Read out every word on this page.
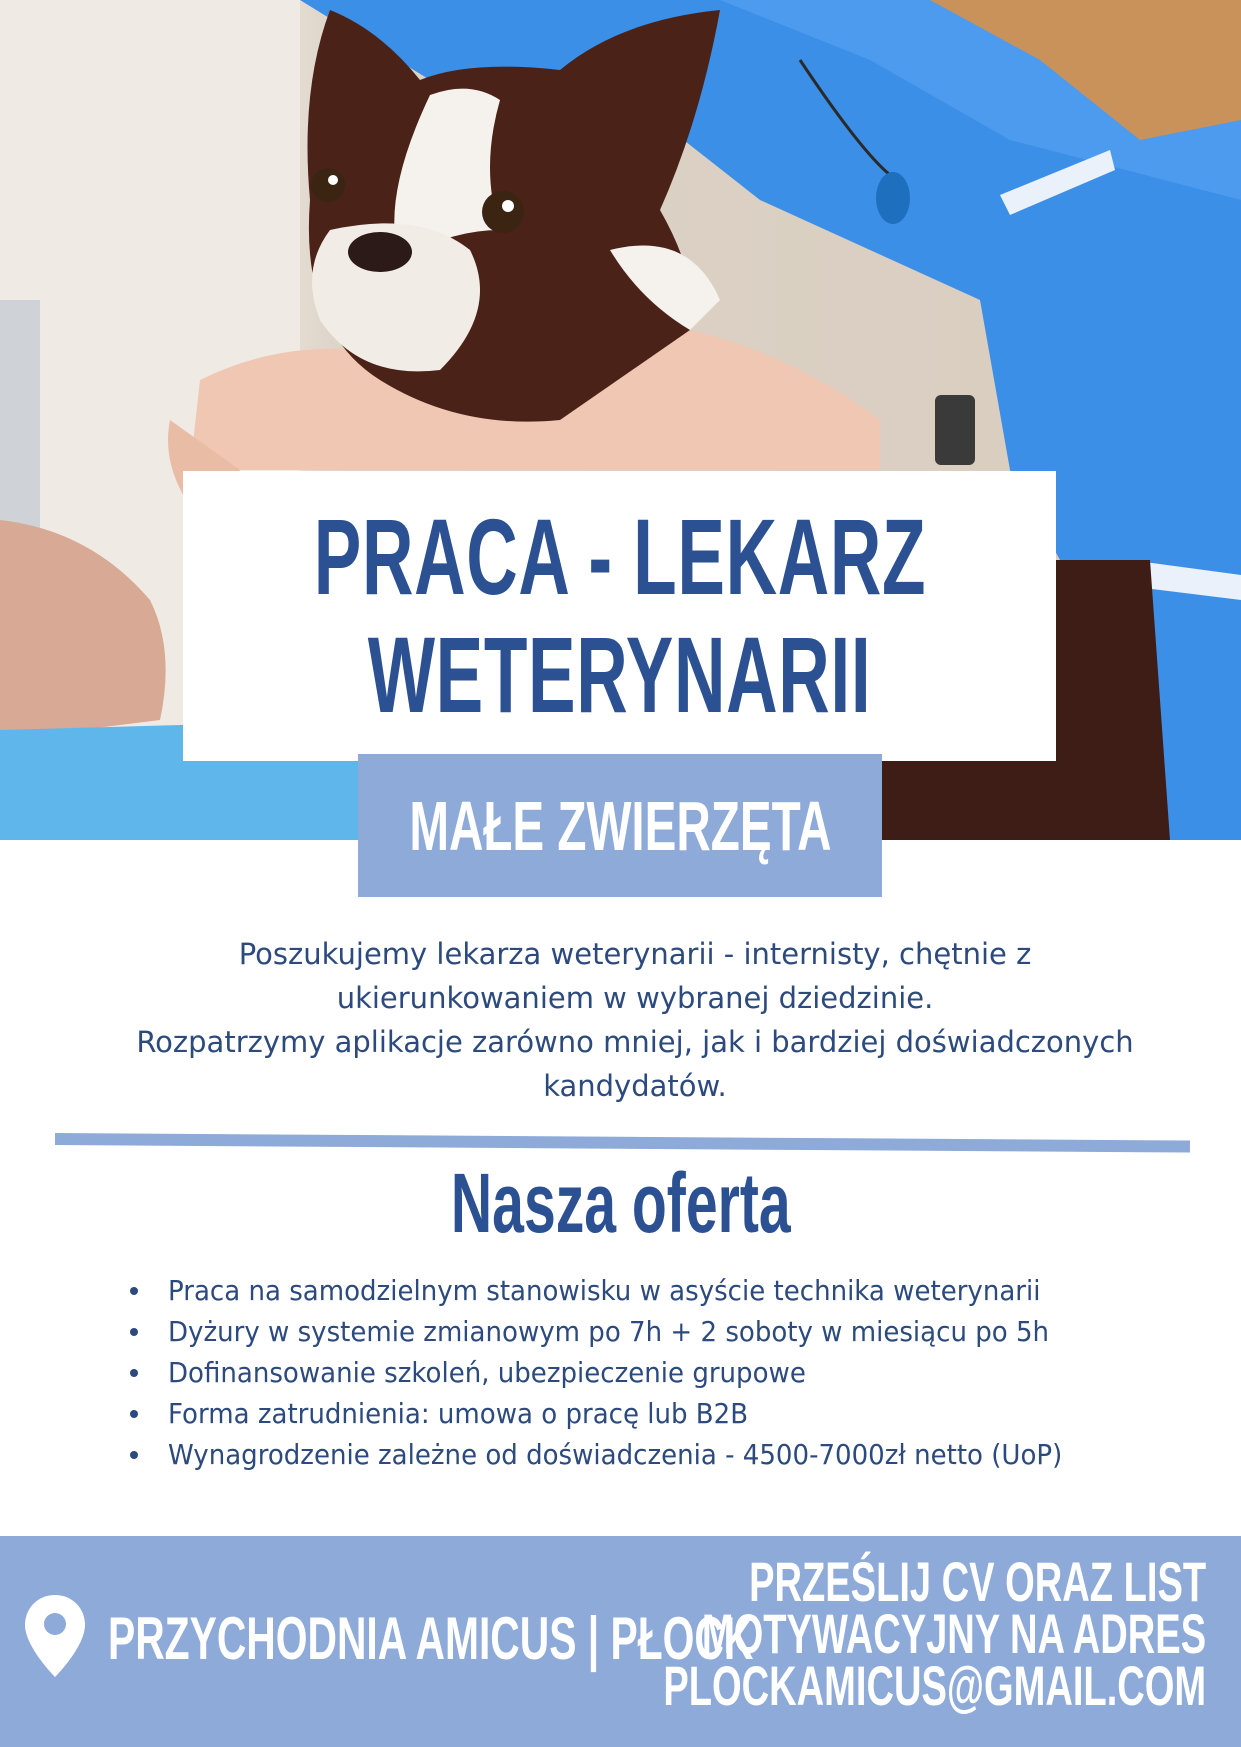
PRACA - LEKARZ
WETERYNARII
MAŁE ZWIERZĘTA

Poszukujemy lekarza weterynarii - internisty, chętnie z

ukierunkowaniem w wybranej dziedzinie.

Rozpatrzymy aplikacje zarówno mniej, jak i bardziej doświadczonych

kandydatów.

Nasza oferta
Praca na samodzielnym stanowisku w asyście technika weterynarii
Dyżury w systemie zmianowym po 7h + 2 soboty w miesiącu po 5h
Dofinansowanie szkoleń, ubezpieczenie grupowe
Forma zatrudnienia: umowa o pracę lub B2B
Wynagrodzenie zależne od doświadczenia - 4500-7000zł netto (UoP)
PRZYCHODNIA AMICUS | PŁOCK
PRZEŚLIJ CV ORAZ LIST
MOTYWACYJNY NA ADRES
PLOCKAMICUS@GMAIL.COM
